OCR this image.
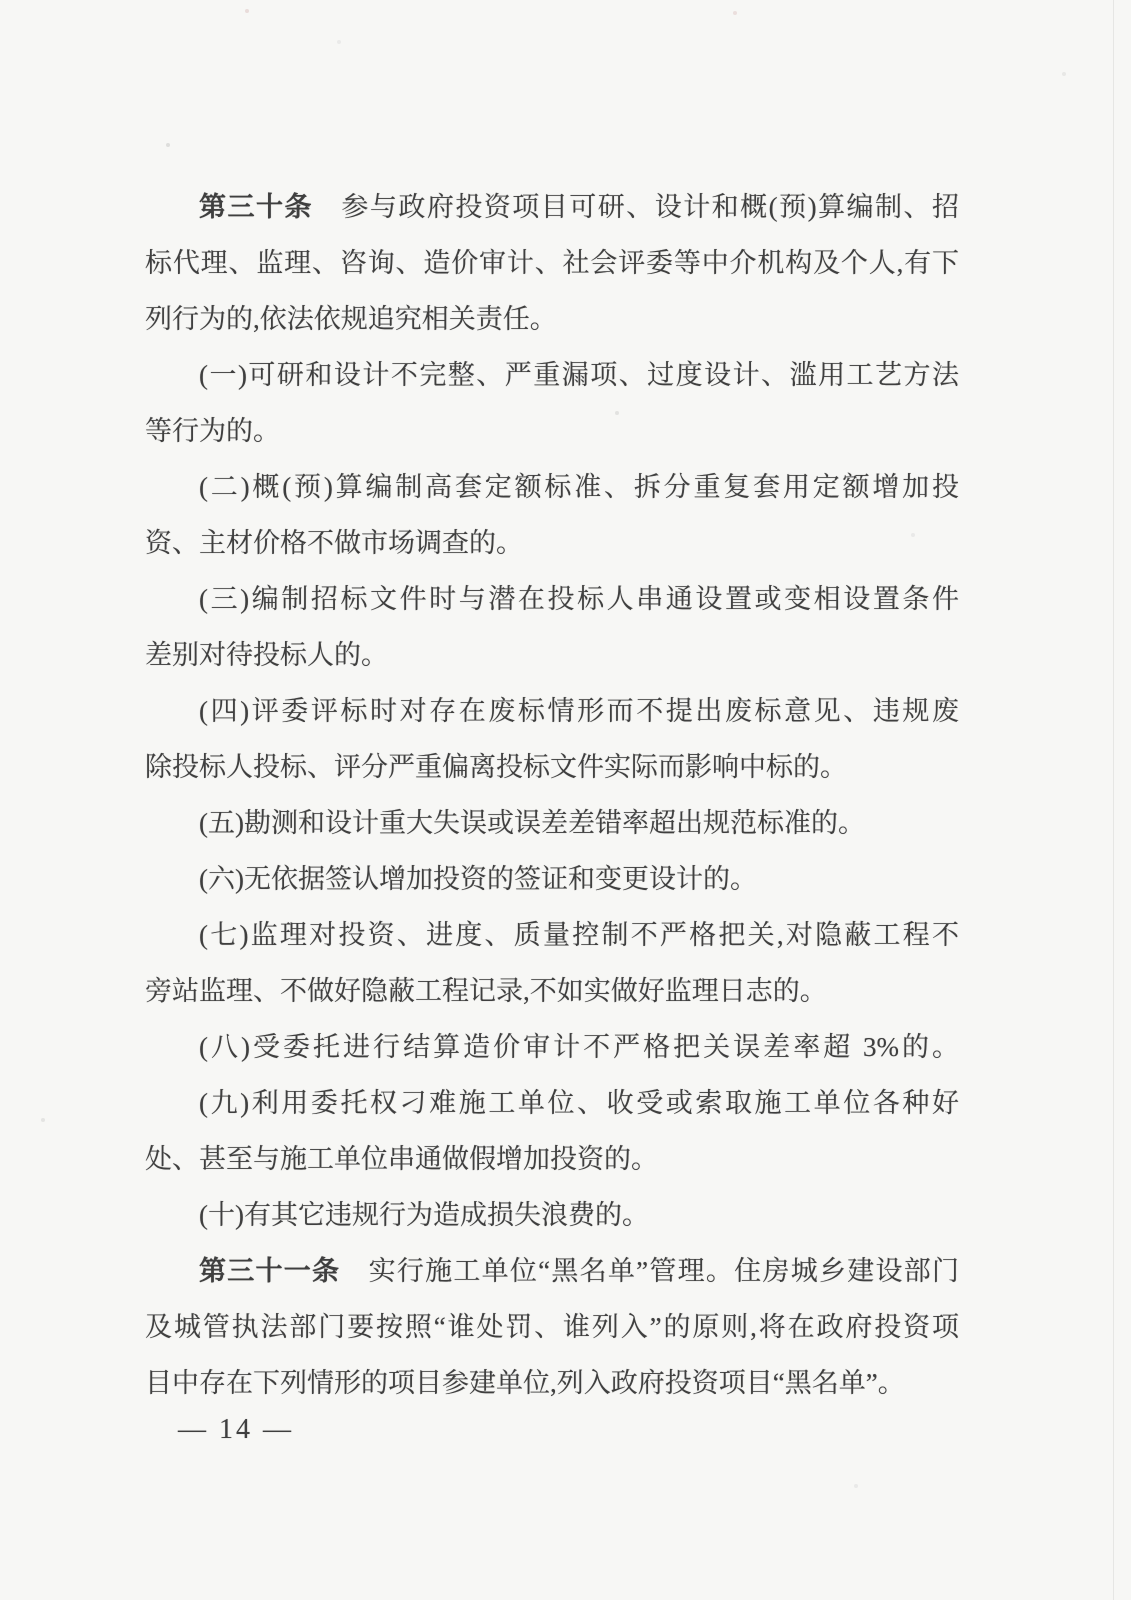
第三十条　参与政府投资项目可研、设计和概(预)算编制、招
标代理、监理、咨询、造价审计、社会评委等中介机构及个人,有下
列行为的,依法依规追究相关责任。
(一)可研和设计不完整、严重漏项、过度设计、滥用工艺方法
等行为的。
(二)概(预)算编制高套定额标准、拆分重复套用定额增加投
资、主材价格不做市场调查的。
(三)编制招标文件时与潜在投标人串通设置或变相设置条件
差别对待投标人的。
(四)评委评标时对存在废标情形而不提出废标意见、违规废
除投标人投标、评分严重偏离投标文件实际而影响中标的。
(五)勘测和设计重大失误或误差差错率超出规范标准的。
(六)无依据签认增加投资的签证和变更设计的。
(七)监理对投资、进度、质量控制不严格把关,对隐蔽工程不
旁站监理、不做好隐蔽工程记录,不如实做好监理日志的。
(八)受委托进行结算造价审计不严格把关误差率超 3%的。
(九)利用委托权刁难施工单位、收受或索取施工单位各种好
处、甚至与施工单位串通做假增加投资的。
(十)有其它违规行为造成损失浪费的。
第三十一条　实行施工单位“黑名单”管理。住房城乡建设部门
及城管执法部门要按照“谁处罚、谁列入”的原则,将在政府投资项
目中存在下列情形的项目参建单位,列入政府投资项目“黑名单”。
— 14 —
